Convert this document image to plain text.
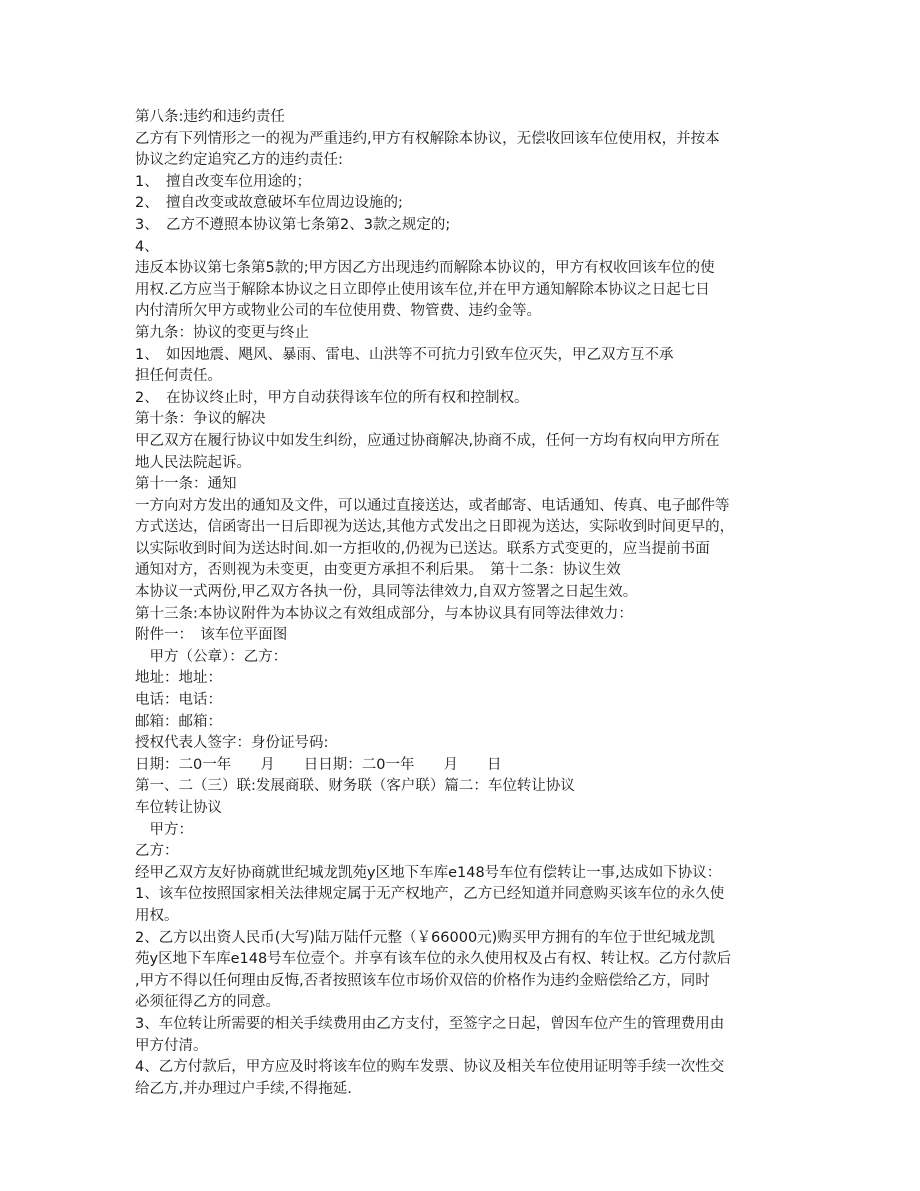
第八条:违约和违约责任
乙方有下列情形之一的视为严重违约,甲方有权解除本协议，无偿收回该车位使用权，并按本
协议之约定追究乙方的违约责任:
1、　擅自改变车位用途的；
2、　擅自改变或故意破坏车位周边设施的;
3、　乙方不遵照本协议第七条第2、3款之规定的;
4、
违反本协议第七条第5款的;甲方因乙方出现违约而解除本协议的，甲方有权收回该车位的使
用权.乙方应当于解除本协议之日立即停止使用该车位,并在甲方通知解除本协议之日起七日
内付清所欠甲方或物业公司的车位使用费、物管费、违约金等。
第九条：协议的变更与终止
1、　如因地震、飓风、暴雨、雷电、山洪等不可抗力引致车位灭失，甲乙双方互不承
担任何责任。
2、　在协议终止时，甲方自动获得该车位的所有权和控制权。
第十条：争议的解决
甲乙双方在履行协议中如发生纠纷，应通过协商解决,协商不成，任何一方均有权向甲方所在
地人民法院起诉。
第十一条：通知
一方向对方发出的通知及文件，可以通过直接送达，或者邮寄、电话通知、传真、电子邮件等
方式送达，信函寄出一日后即视为送达,其他方式发出之日即视为送达，实际收到时间更早的，
以实际收到时间为送达时间.如一方拒收的,仍视为已送达。联系方式变更的，应当提前书面
通知对方，否则视为未变更，由变更方承担不利后果。　第十二条：协议生效
本协议一式两份,甲乙双方各执一份，具同等法律效力,自双方签署之日起生效。
第十三条:本协议附件为本协议之有效组成部分，与本协议具有同等法律效力：
附件一：　该车位平面图
　甲方（公章）：乙方：
地址：地址：
电话：电话：
邮箱：邮箱：
授权代表人签字：身份证号码:
日期：二0一年　　月　　日日期：二0一年　　月　　日
第一、二（三）联:发展商联、财务联（客户联）篇二：车位转让协议
车位转让协议
　甲方：
乙方：
经甲乙双方友好协商就世纪城龙凯苑y区地下车库e148号车位有偿转让一事,达成如下协议：
1、该车位按照国家相关法律规定属于无产权地产，乙方已经知道并同意购买该车位的永久使
用权。
2、乙方以出资人民币(大写)陆万陆仟元整（￥66000元)购买甲方拥有的车位于世纪城龙凯
苑y区地下车库e148号车位壹个。并享有该车位的永久使用权及占有权、转让权。乙方付款后
,甲方不得以任何理由反悔,否者按照该车位市场价双倍的价格作为违约金赔偿给乙方，同时
必须征得乙方的同意。
3、车位转让所需要的相关手续费用由乙方支付，至签字之日起，曾因车位产生的管理费用由
甲方付清。
4、乙方付款后，甲方应及时将该车位的购车发票、协议及相关车位使用证明等手续一次性交
给乙方,并办理过户手续,不得拖延.
